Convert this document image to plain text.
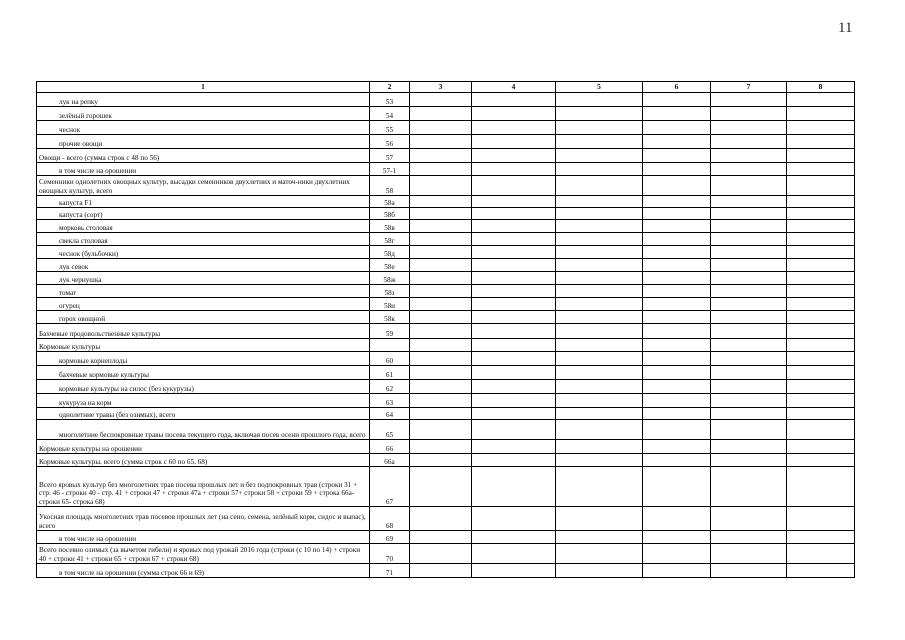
11
1	2	3	4	5	6	7	8
лук на репку	53						
зелёный горошек	54						
чеснок	55						
прочие овощи	56						
Овощи - всего (сумма строк с 48 по 56)	57						
в том числе на орошении	57-1						
Семенники однолетних овощных культур, высадки семенников двухлетних и маточ-ники двухлетних овощных культур, всего	58						
капуста F1	58а						
капуста (сорт)	58б						
морковь столовая	58в						
свекла столовая	58г						
чеснок (бульбочки)	58д						
лук севок	58е						
лук чернушка	58ж						
томат	58з						
огурец	58и						
горох овощной	58к						
Бахчевые продовольственные культуры	59						
Кормовые культуры							
кормовые корнеплоды	60						
бахчевые кормовые культуры	61						
кормовые культуры на силос (без кукурузы)	62						
кукуруза на корм	63						
однолетние травы (без озимых), всего	64						
многолетние беспокровные травы посева текущего года, включая посев осени прошлого года, всего	65						
Кормовые культуры на орошении	66						
Кормовые культуры, всего (сумма строк с 60 по 65, 68)	66а						
Всего яровых культур без многолетних трав посева прошлых лет и без подпокровных трав (строки 31 + стр. 46 - строки 40 - стр. 41 + строки 47 + строки 47а + строки 57+ строки 58 + строки 59 + строка 66а- строки 65- строка 68)	67						
Укосная площадь многолетних трав посевов прошлых лет (на сено, семена, зелёный корм, сидос и выпас), всего	68						
в том числе на орошении	69						
Всего посеяно озимых (за вычетом гибели) и яровых под урожай 2016 года (строки (с 10 по 14) + строки 40 + строки 41 + строки 65 + строки 67 + строки 68)	70						
в том числе на орошении (сумма строк 66 и 69)	71						
